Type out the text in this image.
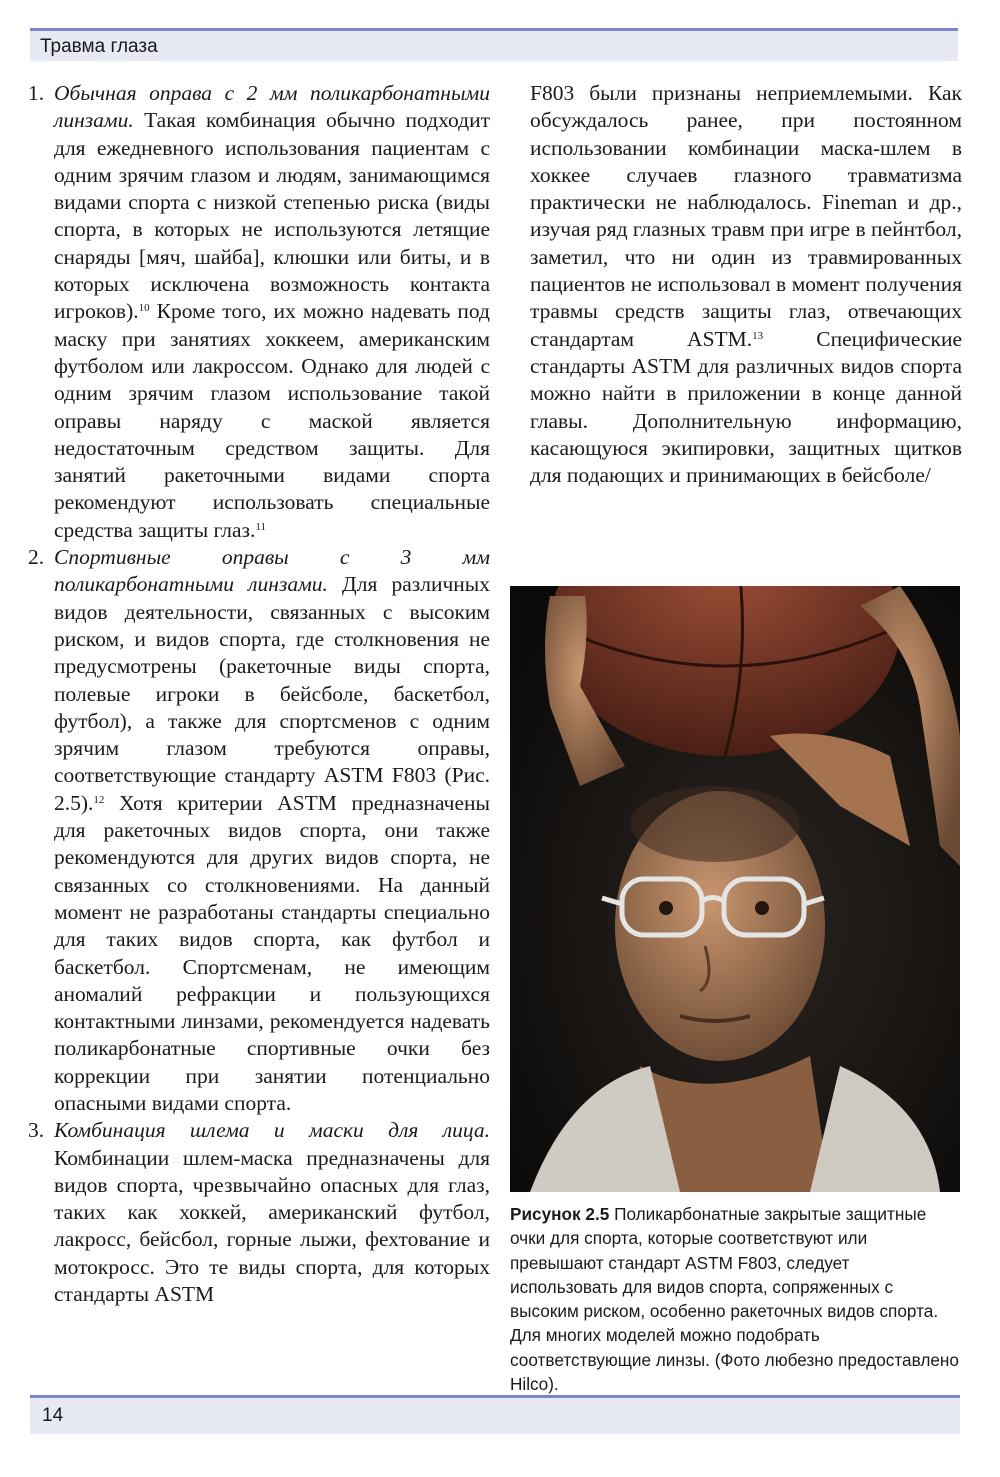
Травма глаза
1. Обычная оправа с 2 мм поликарбонатными линзами. Такая комбинация обычно подходит для ежедневного использования пациентам с одним зрячим глазом и людям, занимающимся видами спорта с низкой степенью риска (виды спорта, в которых не используются летящие снаряды [мяч, шайба], клюшки или биты, и в которых исключена возможность контакта игроков).$^{10}$ Кроме того, их можно надевать под маску при занятиях хоккеем, американским футболом или лакроссом. Однако для людей с одним зрячим глазом использование такой оправы наряду с маской является недостаточным средством защиты. Для занятий ракеточными видами спорта рекомендуют использовать специальные средства защиты глаз.$^{11}$
2. Спортивные оправы с 3 мм поликарбонатными линзами. Для различных видов деятельности, связанных с высоким риском, и видов спорта, где столкновения не предусмотрены (ракеточные виды спорта, полевые игроки в бейсболе, баскетбол, футбол), а также для спортсменов с одним зрячим глазом требуются оправы, соответствующие стандарту ASTM F803 (Рис. 2.5).$^{12}$ Хотя критерии ASTM предназначены для ракеточных видов спорта, они также рекомендуются для других видов спорта, не связанных со столкновениями. На данный момент не разработаны стандарты специально для таких видов спорта, как футбол и баскетбол. Спортсменам, не имеющим аномалий рефракции и пользующихся контактными линзами, рекомендуется надевать поликарбонатные спортивные очки без коррекции при занятии потенциально опасными видами спорта.
3. Комбинация шлема и маски для лица. Комбинации шлем-маска предназначены для видов спорта, чрезвычайно опасных для глаз, таких как хоккей, американский футбол, лакросс, бейсбол, горные лыжи, фехтование и мотокросс. Это те виды спорта, для которых стандарты ASTM

F803 были признаны неприемлемыми. Как обсуждалось ранее, при постоянном использовании комбинации маска-шлем в хоккее случаев глазного травматизма практически не наблюдалось. Fineman и др., изучая ряд глазных травм при игре в пейнтбол, заметил, что ни один из травмированных пациентов не использовал в момент получения травмы средств защиты глаз, отвечающих стандартам ASTM.$^{13}$ Специфические стандарты ASTM для различных видов спорта можно найти в приложении в конце данной главы. Дополнительную информацию, касающуюся экипировки, защитных щитков для подающих и принимающих в бейсболе/

Рисунок 2.5 Поликарбонатные закрытые защитные очки для спорта, которые соответствуют или превышают стандарт ASTM F803, следует использовать для видов спорта, сопряженных с высоким риском, особенно ракеточных видов спорта. Для многих моделей можно подобрать соответствующие линзы. (Фото любезно предоставлено Hilco).
14
